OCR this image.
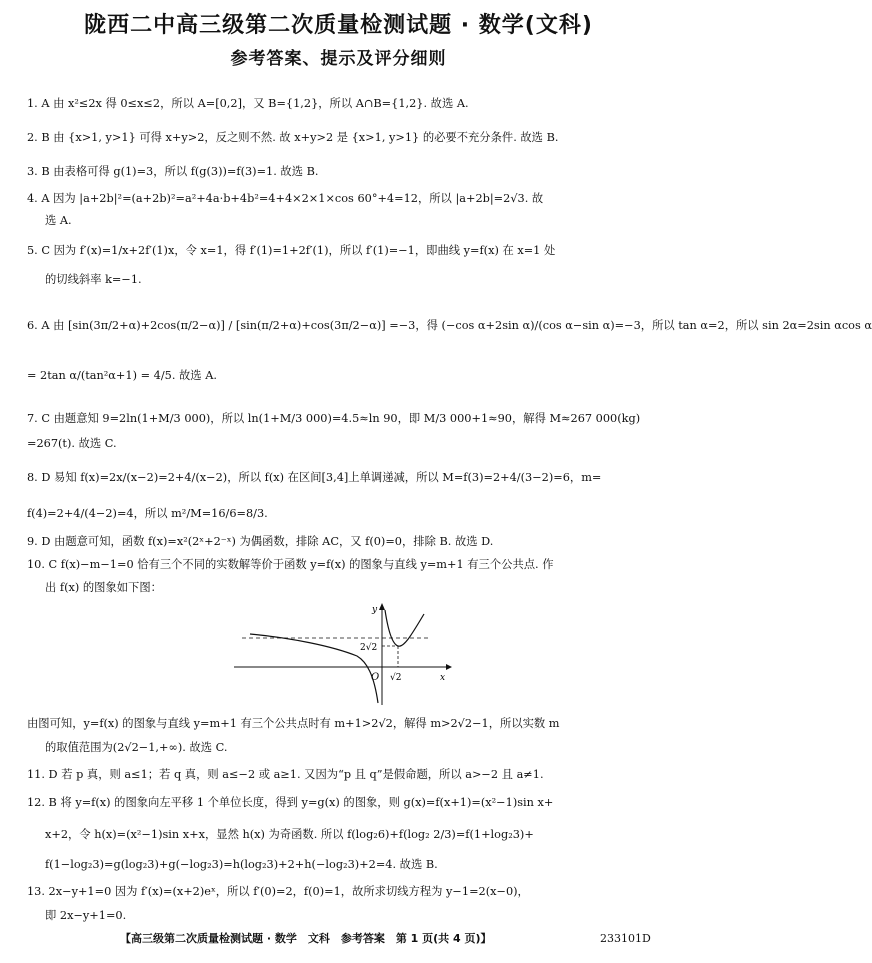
陇西二中高三级第二次质量检测试题 · 数学(文科)
参考答案、提示及评分细则
1. A 由 x²≤2x 得 0≤x≤2，所以 A=[0,2]，又 B={1,2}，所以 A∩B={1,2}. 故选 A.
2. B 由 {x>1, y>1} 可得 x+y>2，反之则不然. 故 x+y>2 是 {x>1, y>1} 的必要不充分条件. 故选 B.
3. B 由表格可得 g(1)=3，所以 f(g(3))=f(3)=1. 故选 B.
4. A 因为 |a+2b|²=(a+2b)²=a²+4a·b+4b²=4+4×2×1×cos 60°+4=12，所以 |a+2b|=2√3. 故
选 A.
5. C 因为 f′(x)=1/x+2f′(1)x，令 x=1，得 f′(1)=1+2f′(1)，所以 f′(1)=−1，即曲线 y=f(x) 在 x=1 处
的切线斜率 k=−1.
6. A 由 [sin(3π/2+α)+2cos(π/2−α)] / [sin(π/2+α)+cos(3π/2−α)] =−3，得 (−cos α+2sin α)/(cos α−sin α)=−3，所以 tan α=2，所以 sin 2α=2sin αcos α
= 2tan α/(tan²α+1) = 4/5. 故选 A.
7. C 由题意知 9=2ln(1+M/3 000)，所以 ln(1+M/3 000)=4.5≈ln 90，即 M/3 000+1≈90，解得 M≈267 000(kg)
=267(t). 故选 C.
8. D 易知 f(x)=2x/(x−2)=2+4/(x−2)，所以 f(x) 在区间[3,4]上单调递减，所以 M=f(3)=2+4/(3−2)=6，m=
f(4)=2+4/(4−2)=4，所以 m²/M=16/6=8/3.
9. D 由题意可知，函数 f(x)=x²(2ˣ+2⁻ˣ) 为偶函数，排除 AC，又 f(0)=0，排除 B. 故选 D.
10. C f(x)−m−1=0 恰有三个不同的实数解等价于函数 y=f(x) 的图象与直线 y=m+1 有三个公共点. 作
出 f(x) 的图象如下图：
y
x
O
2√2
√2
由图可知，y=f(x) 的图象与直线 y=m+1 有三个公共点时有 m+1>2√2，解得 m>2√2−1，所以实数 m
的取值范围为(2√2−1,+∞). 故选 C.
11. D 若 p 真，则 a≤1；若 q 真，则 a≤−2 或 a≥1. 又因为“p 且 q”是假命题，所以 a>−2 且 a≠1.
12. B 将 y=f(x) 的图象向左平移 1 个单位长度，得到 y=g(x) 的图象，则 g(x)=f(x+1)=(x²−1)sin x+
x+2，令 h(x)=(x²−1)sin x+x，显然 h(x) 为奇函数. 所以 f(log₂6)+f(log₂ 2/3)=f(1+log₂3)+
f(1−log₂3)=g(log₂3)+g(−log₂3)=h(log₂3)+2+h(−log₂3)+2=4. 故选 B.
13. 2x−y+1=0 因为 f′(x)=(x+2)eˣ，所以 f′(0)=2，f(0)=1，故所求切线方程为 y−1=2(x−0)，
即 2x−y+1=0.
【高三级第二次质量检测试题 · 数学　文科　参考答案　第 1 页(共 4 页)】	233101D
